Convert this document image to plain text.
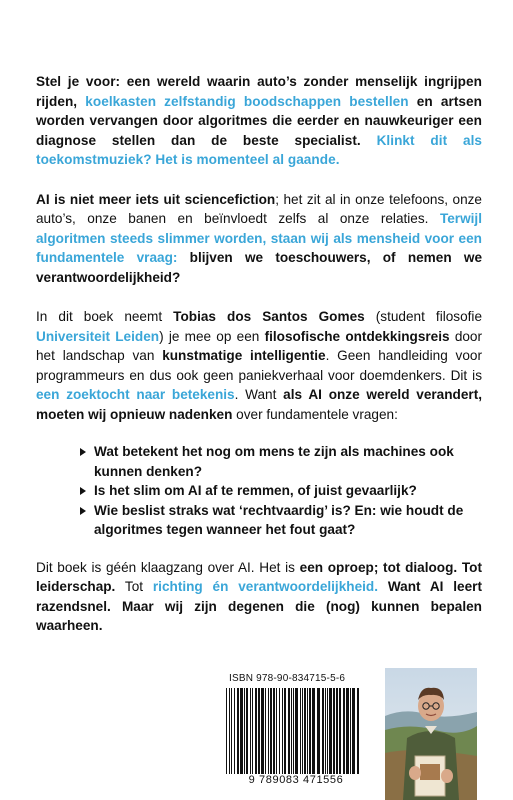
Stel je voor: een wereld waarin auto’s zonder menselijk ingrijpen rijden, koelkasten zelfstandig boodschappen bestellen en artsen worden vervangen door algoritmes die eerder en nauwkeuriger een diagnose stellen dan de beste specialist. Klinkt dit als toekomstmuziek? Het is momenteel al gaande.

AI is niet meer iets uit sciencefiction; het zit al in onze telefoons, onze auto’s, onze banen en beïnvloedt zelfs al onze relaties. Terwijl algoritmen steeds slimmer worden, staan wij als mensheid voor een fundamentele vraag: blijven we toeschouwers, of nemen we verantwoordelijkheid?

In dit boek neemt Tobias dos Santos Gomes (student filosofie Universiteit Leiden) je mee op een filosofische ontdekkingsreis door het landschap van kunstmatige intelligentie. Geen handleiding voor programmeurs en dus ook geen paniekverhaal voor doemdenkers. Dit is een zoektocht naar betekenis. Want als AI onze wereld verandert, moeten wij opnieuw nadenken over fundamentele vragen:

Wat betekent het nog om mens te zijn als machines ook kunnen denken?
Is het slim om AI af te remmen, of juist gevaarlijk?
Wie beslist straks wat ‘rechtvaardig’ is? En: wie houdt de algoritmes tegen wanneer het fout gaat?

Dit boek is géén klaagzang over AI. Het is een oproep; tot dialoog. Tot leiderschap. Tot richting én verantwoordelijkheid. Want AI leert razendsnel. Maar wij zijn degenen die (nog) kunnen bepalen waarheen.

ISBN 978-90-834715-5-6
9 789083 471556
